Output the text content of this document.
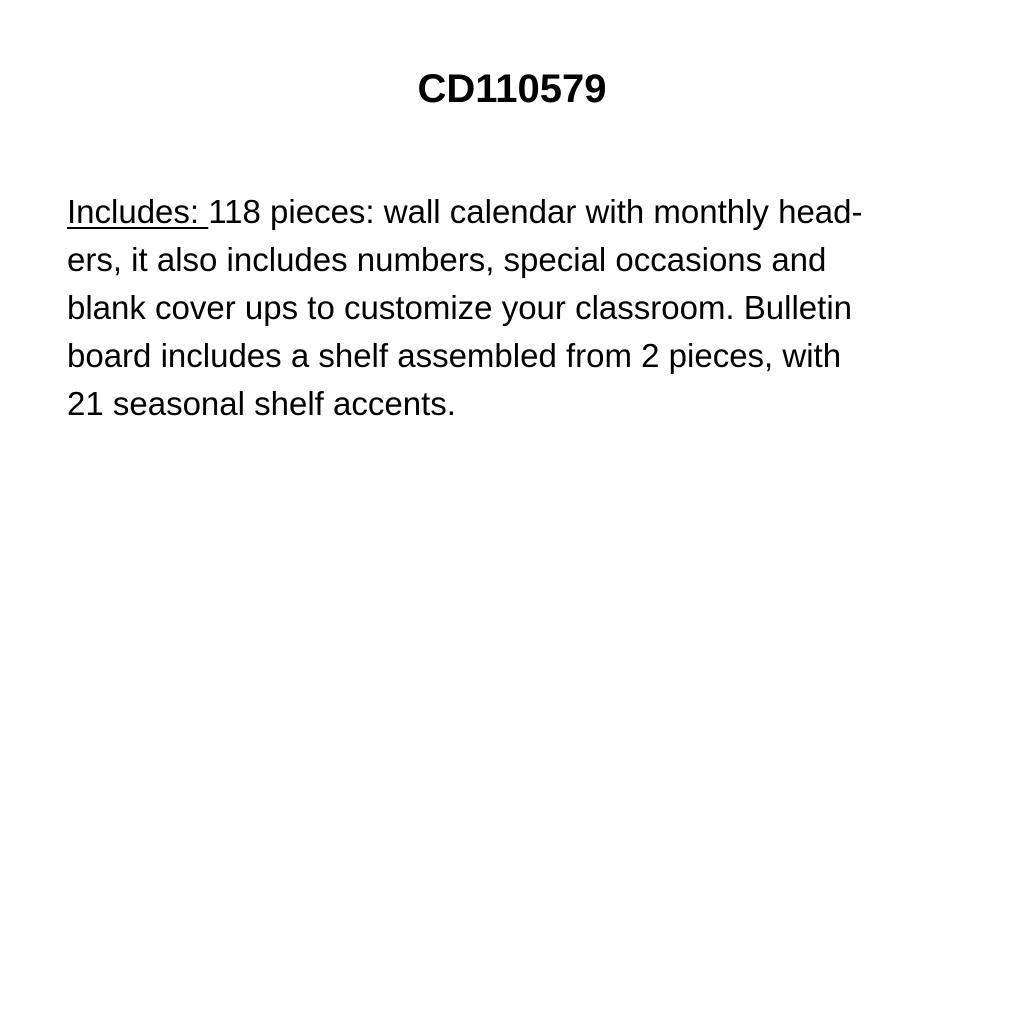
CD110579

Includes: 118 pieces: wall calendar with monthly head-
ers, it also includes numbers, special occasions and
blank cover ups to customize your classroom. Bulletin
board includes a shelf assembled from 2 pieces, with
21 seasonal shelf accents.
